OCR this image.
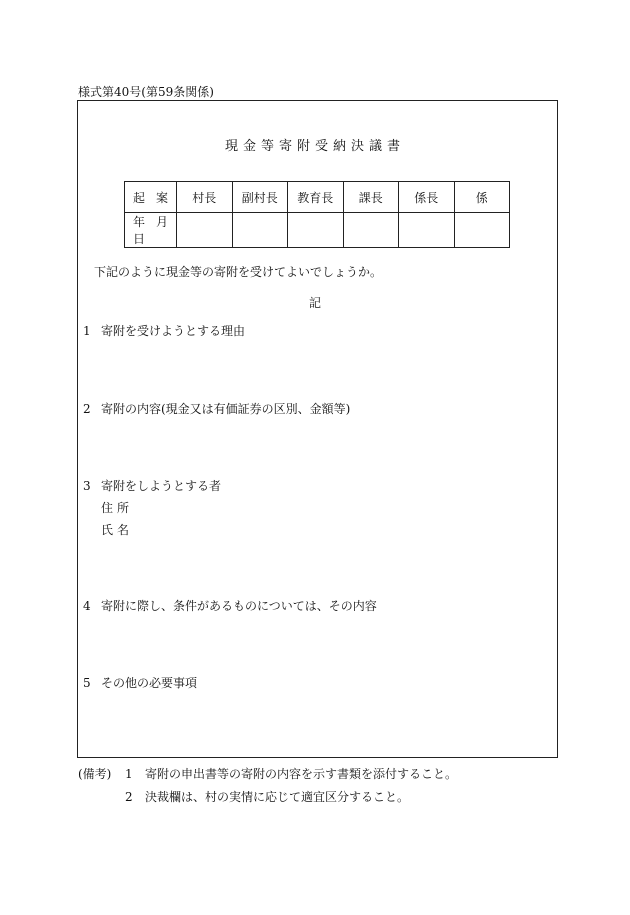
様式第40号(第59条関係)
現金等寄附受納決議書
起案	村長	副村長	教育長	課長	係長	係
年月日						
下記のように現金等の寄附を受けてよいでしょうか。
記
1 寄附を受けようとする理由
2 寄附の内容(現金又は有価証券の区別、金額等)
3 寄附をしようとする者
住所
氏名
4 寄附に際し、条件があるものについては、その内容
5 その他の必要事項
(備考) 1 寄附の申出書等の寄附の内容を示す書類を添付すること。
2 決裁欄は、村の実情に応じて適宜区分すること。
